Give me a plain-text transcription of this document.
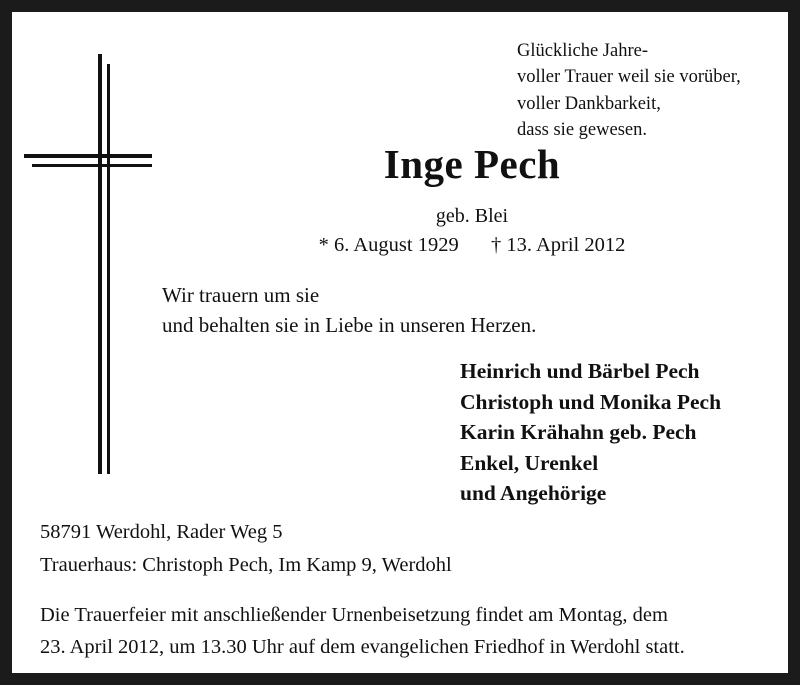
Glückliche Jahre-
voller Trauer weil sie vorüber,
voller Dankbarkeit,
dass sie gewesen.
Inge Pech
geb. Blei
* 6. August 1929 † 13. April 2012
Wir trauern um sie
und behalten sie in Liebe in unseren Herzen.
Heinrich und Bärbel Pech
Christoph und Monika Pech
Karin Krähahn geb. Pech
Enkel, Urenkel
und Angehörige
58791 Werdohl, Rader Weg 5
Trauerhaus: Christoph Pech, Im Kamp 9, Werdohl
Die Trauerfeier mit anschließender Urnenbeisetzung findet am Montag, dem
23. April 2012, um 13.30 Uhr auf dem evangelichen Friedhof in Werdohl statt.
